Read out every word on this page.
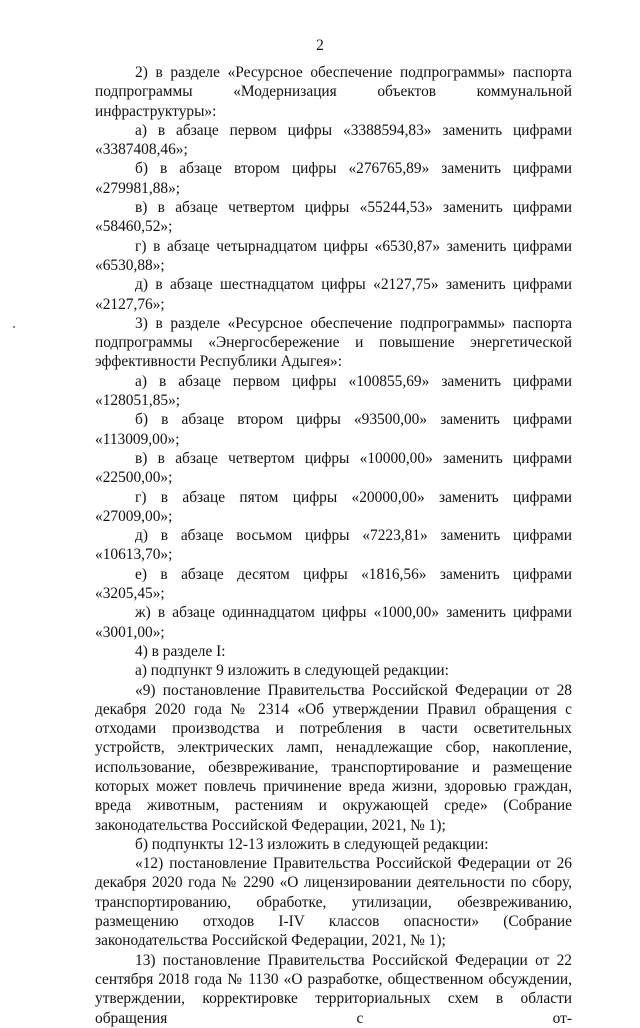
2

2) в разделе «Ресурсное обеспечение подпрограммы» паспорта подпрограммы «Модернизация объектов коммунальной инфраструктуры»:

а) в абзаце первом цифры «3388594,83» заменить цифрами «3387408,46»;

б) в абзаце втором цифры «276765,89» заменить цифрами «279981,88»;

в) в абзаце четвертом цифры «55244,53» заменить цифрами «58460,52»;

г) в абзаце четырнадцатом цифры «6530,87» заменить цифрами «6530,88»;

д) в абзаце шестнадцатом цифры «2127,75» заменить цифрами «2127,76»;

3) в разделе «Ресурсное обеспечение подпрограммы» паспорта подпрограммы «Энергосбережение и повышение энергетической эффективности Республики Адыгея»:

а) в абзаце первом цифры «100855,69» заменить цифрами «128051,85»;

б) в абзаце втором цифры «93500,00» заменить цифрами «113009,00»;

в) в абзаце четвертом цифры «10000,00» заменить цифрами «22500,00»;

г) в абзаце пятом цифры «20000,00» заменить цифрами «27009,00»;

д) в абзаце восьмом цифры «7223,81» заменить цифрами «10613,70»;

е) в абзаце десятом цифры «1816,56» заменить цифрами «3205,45»;

ж) в абзаце одиннадцатом цифры «1000,00» заменить цифрами «3001,00»;

4) в разделе I:

а) подпункт 9 изложить в следующей редакции:

«9) постановление Правительства Российской Федерации от 28 декабря 2020 года № 2314 «Об утверждении Правил обращения с отходами производства и потребления в части осветительных устройств, электрических ламп, ненадлежащие сбор, накопление, использование, обезвреживание, транспортирование и размещение которых может повлечь причинение вреда жизни, здоровью граждан, вреда животным, растениям и окружающей среде» (Собрание законодательства Российской Федерации, 2021, № 1);

б) подпункты 12-13 изложить в следующей редакции:

«12) постановление Правительства Российской Федерации от 26 декабря 2020 года № 2290 «О лицензировании деятельности по сбору, транспортированию, обработке, утилизации, обезвреживанию, размещению отходов I-IV классов опасности» (Собрание законодательства Российской Федерации, 2021, № 1);

13) постановление Правительства Российской Федерации от 22 сентября 2018 года № 1130 «О разработке, общественном обсуждении, утверждении, корректировке территориальных схем в области обращения с от-
